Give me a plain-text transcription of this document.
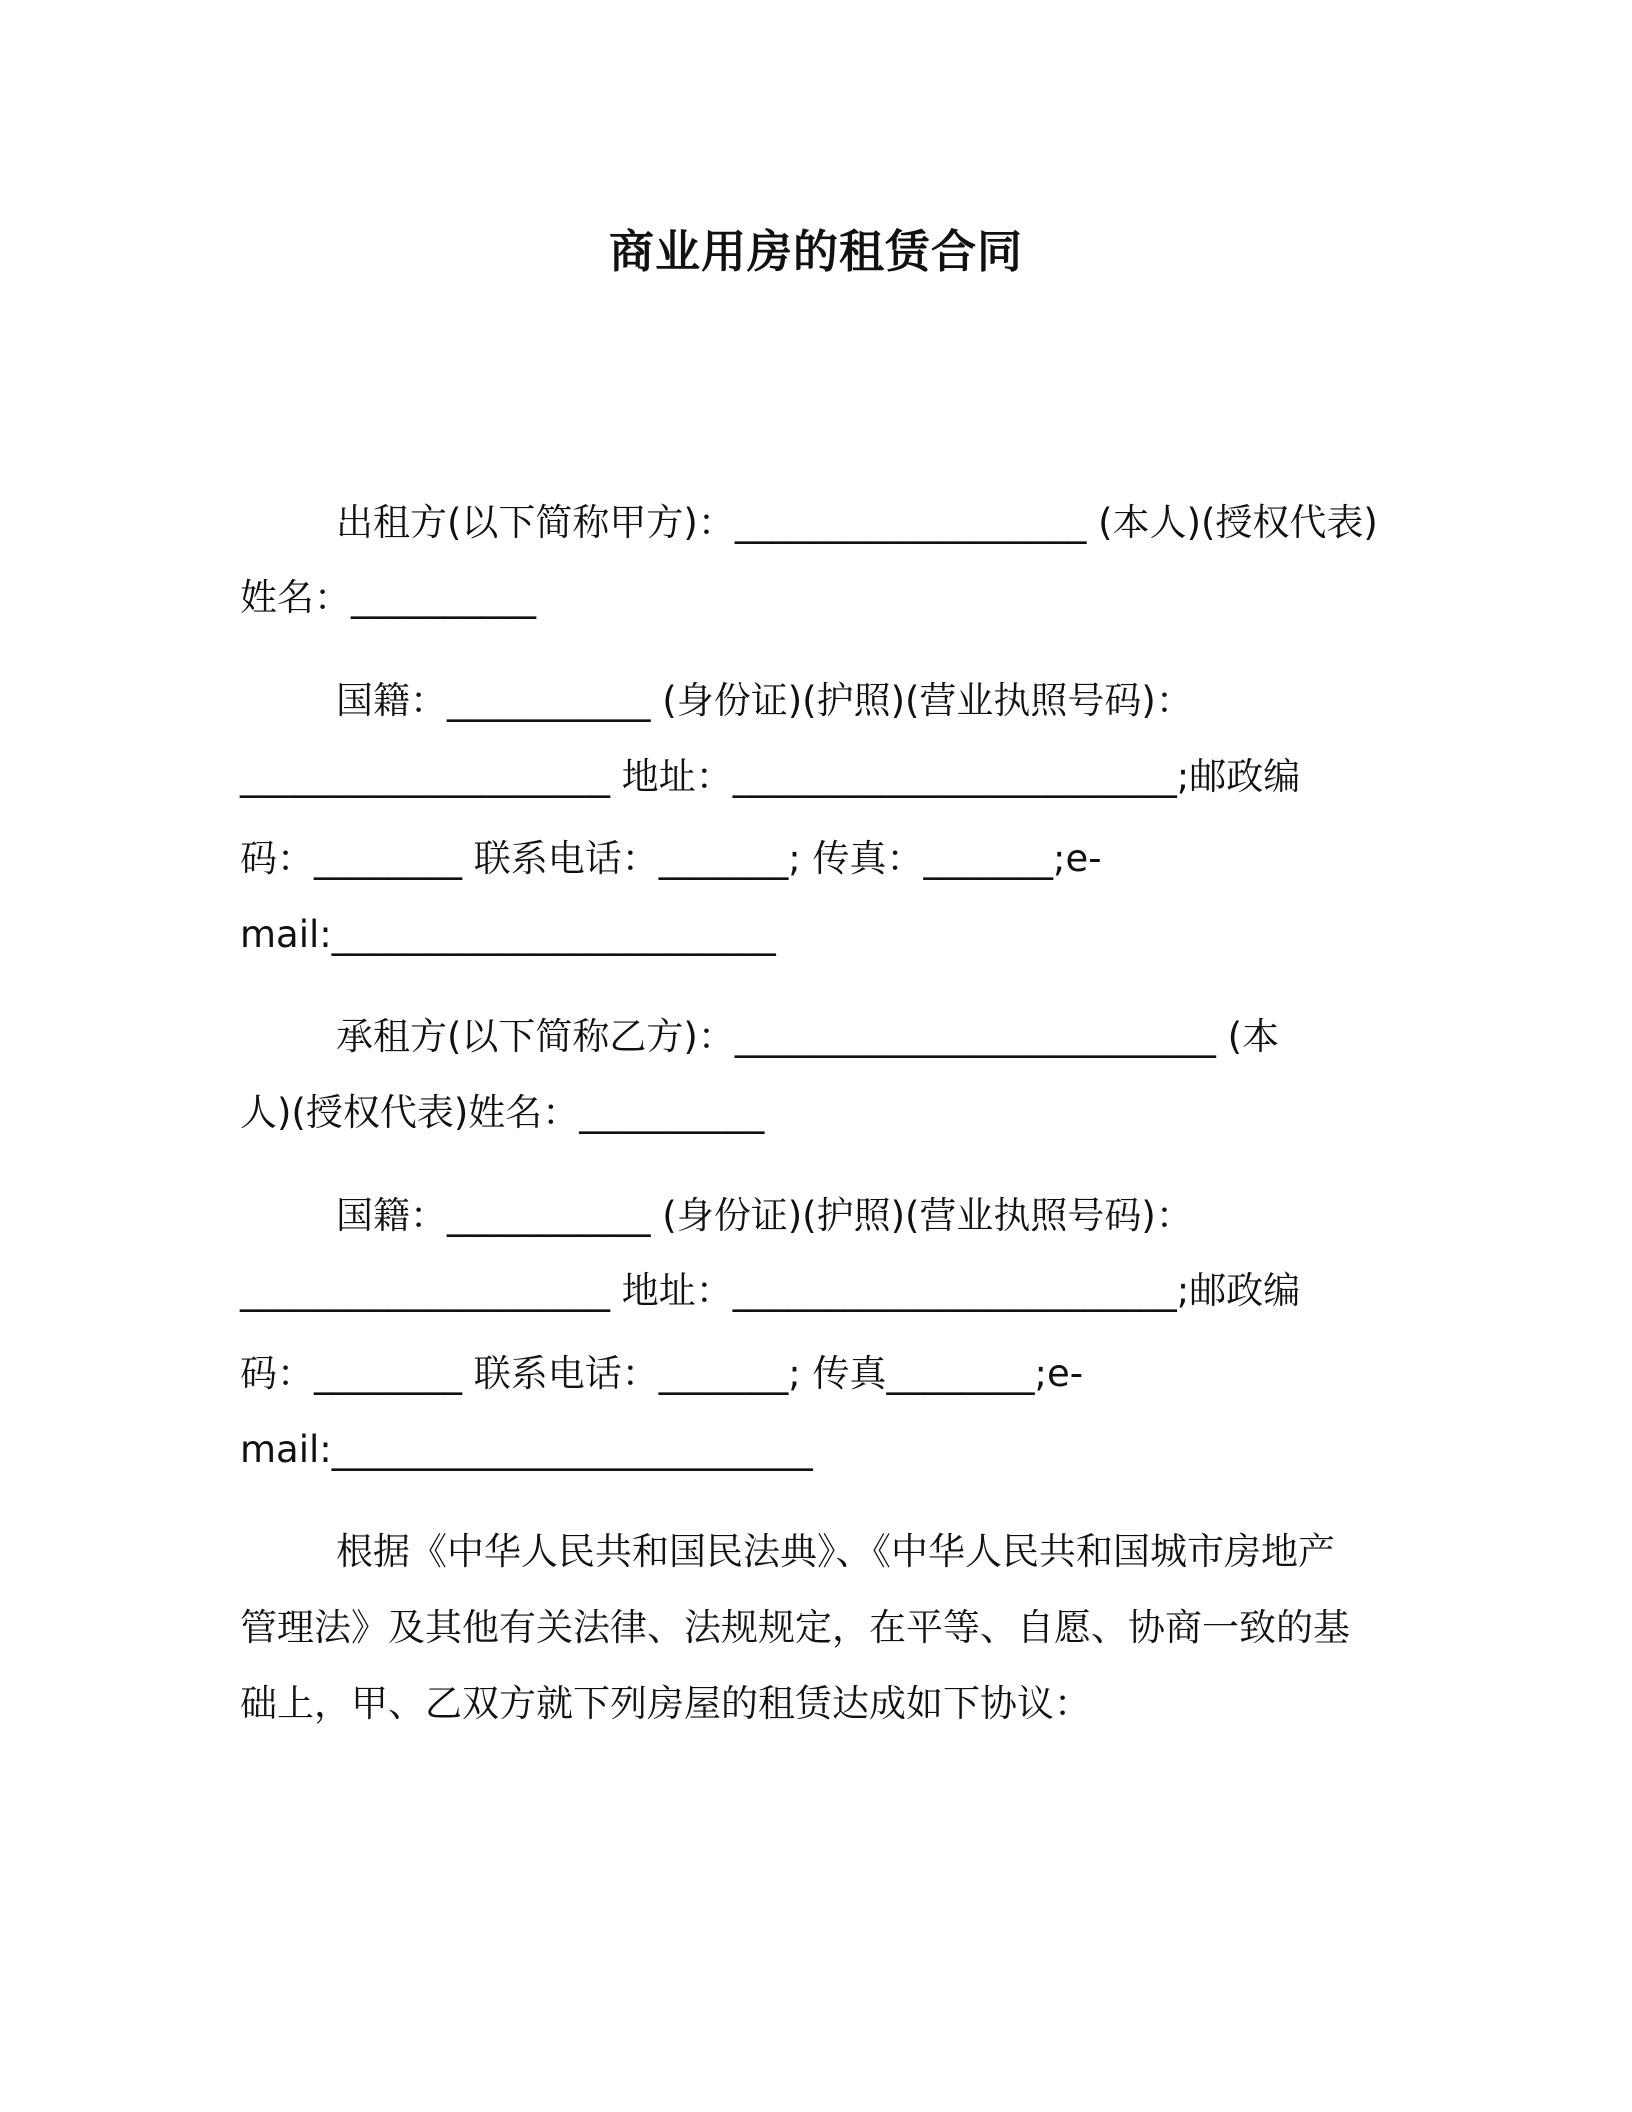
商业用房的租赁合同
出租方(以下简称甲方)：___________________ (本人)(授权代表)
姓名：__________
国籍：___________ (身份证)(护照)(营业执照号码)：
____________________ 地址：________________________;邮政编
码：________ 联系电话：_______; 传真：_______;e-
mail:________________________
承租方(以下简称乙方)：__________________________ (本
人)(授权代表)姓名：__________
国籍：___________ (身份证)(护照)(营业执照号码)：
____________________ 地址：________________________;邮政编
码：________ 联系电话：_______; 传真________;e-
mail:__________________________
根据《中华人民共和国民法典》、《中华人民共和国城市房地产
管理法》及其他有关法律、法规规定，在平等、自愿、协商一致的基
础上，甲、乙双方就下列房屋的租赁达成如下协议：
